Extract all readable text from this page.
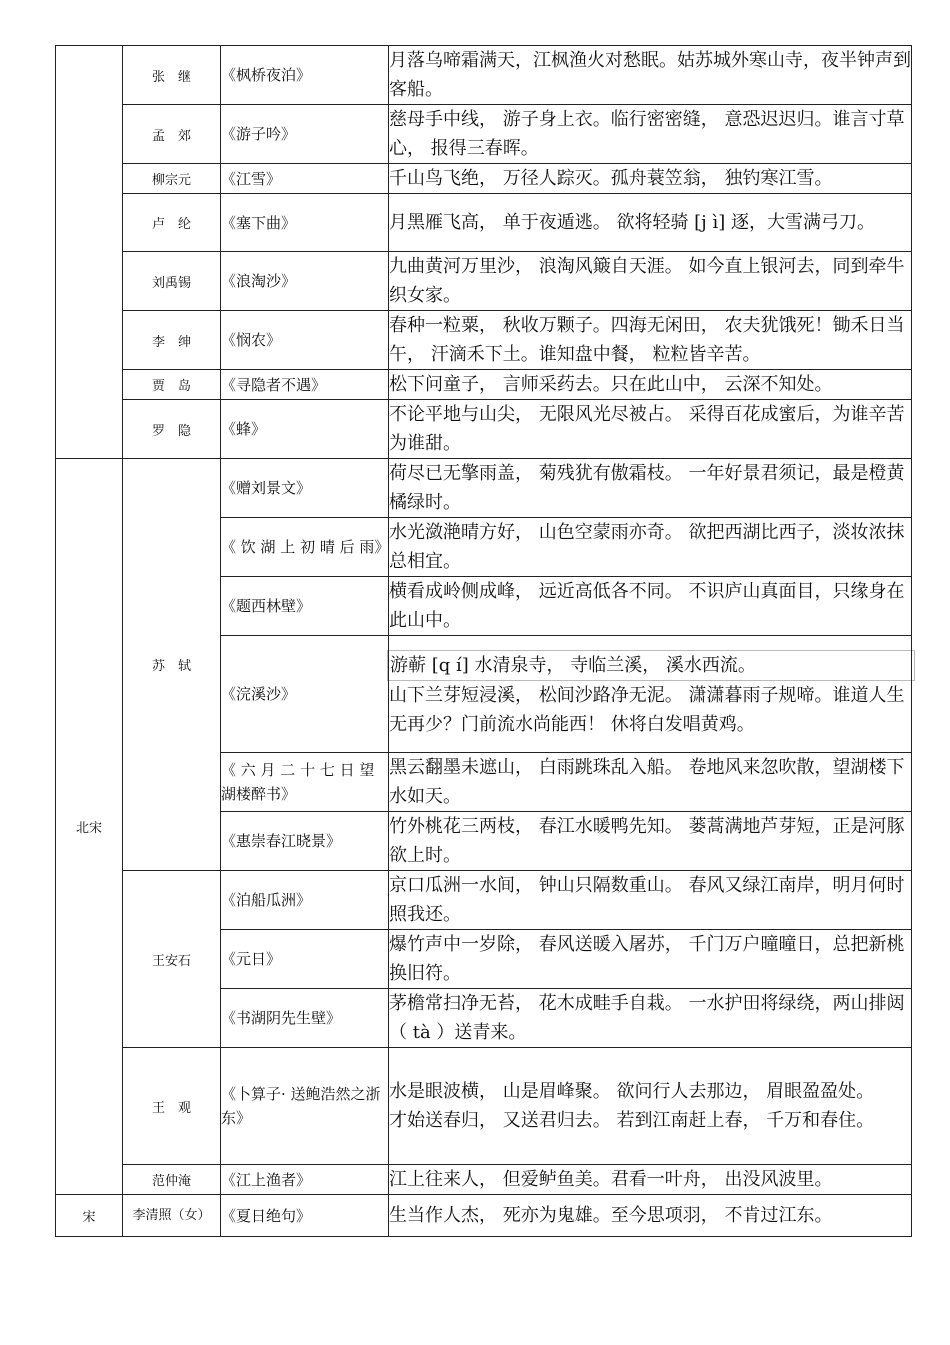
	张　继	《枫桥夜泊》	月落乌啼霜满天，江枫渔火对愁眠。姑苏城外寒山寺，夜半钟声到客船。

	孟　郊	《游子吟》	慈母手中线， 游子身上衣。临行密密缝， 意恐迟迟归。谁言寸草心， 报得三春晖。

	柳宗元	《江雪》	千山鸟飞绝， 万径人踪灭。孤舟蓑笠翁， 独钓寒江雪。

	卢　纶	《塞下曲》	月黑雁飞高， 单于夜遁逃。 欲将轻骑 [j ì] 逐，大雪满弓刀。

	刘禹锡	《浪淘沙》	九曲黄河万里沙， 浪淘风簸自天涯。 如今直上银河去，同到牵牛织女家。

	李　绅	《悯农》	春种一粒粟， 秋收万颗子。四海无闲田， 农夫犹饿死！锄禾日当午， 汗滴禾下土。谁知盘中餐， 粒粒皆辛苦。

	贾　岛	《寻隐者不遇》	松下问童子， 言师采药去。只在此山中， 云深不知处。

	罗　隐	《蜂》	不论平地与山尖， 无限风光尽被占。 采得百花成蜜后，为谁辛苦为谁甜。

北宋	苏　轼	《赠刘景文》	荷尽已无擎雨盖， 菊残犹有傲霜枝。 一年好景君须记，最是橙黄橘绿时。

		《 饮 湖 上 初 晴 后 雨》	水光潋滟晴方好， 山色空蒙雨亦奇。 欲把西湖比西子，淡妆浓抹总相宜。

		《题西林壁》	横看成岭侧成峰， 远近高低各不同。 不识庐山真面目，只缘身在此山中。

		《浣溪沙》	游蕲 [q í] 水清泉寺， 寺临兰溪， 溪水西流。
山下兰芽短浸溪， 松间沙路净无泥。 潇潇暮雨子规啼。谁道人生无再少？门前流水尚能西！ 休将白发唱黄鸡。

		《 六 月 二 十 七 日 望湖楼醉书》	黑云翻墨未遮山， 白雨跳珠乱入船。 卷地风来忽吹散，望湖楼下水如天。

		《惠崇春江晓景》	竹外桃花三两枝， 春江水暖鸭先知。 蒌蒿满地芦芽短，正是河豚欲上时。

	王安石	《泊船瓜洲》	京口瓜洲一水间， 钟山只隔数重山。 春风又绿江南岸，明月何时照我还。

		《元日》	爆竹声中一岁除， 春风送暖入屠苏， 千门万户曈曈日，总把新桃换旧符。

		《书湖阴先生壁》	茅檐常扫净无苔， 花木成畦手自栽。 一水护田将绿绕，两山排闼（ tà ）送青来。

	王　观	《卜算子· 送鲍浩然之浙东》	水是眼波横， 山是眉峰聚。 欲问行人去那边， 眉眼盈盈处。
才始送春归， 又送君归去。 若到江南赶上春， 千万和春住。

	范仲淹	《江上渔者》	江上往来人， 但爱鲈鱼美。君看一叶舟， 出没风波里。

宋	李清照（女）	《夏日绝句》	生当作人杰， 死亦为鬼雄。至今思项羽， 不肯过江东。
